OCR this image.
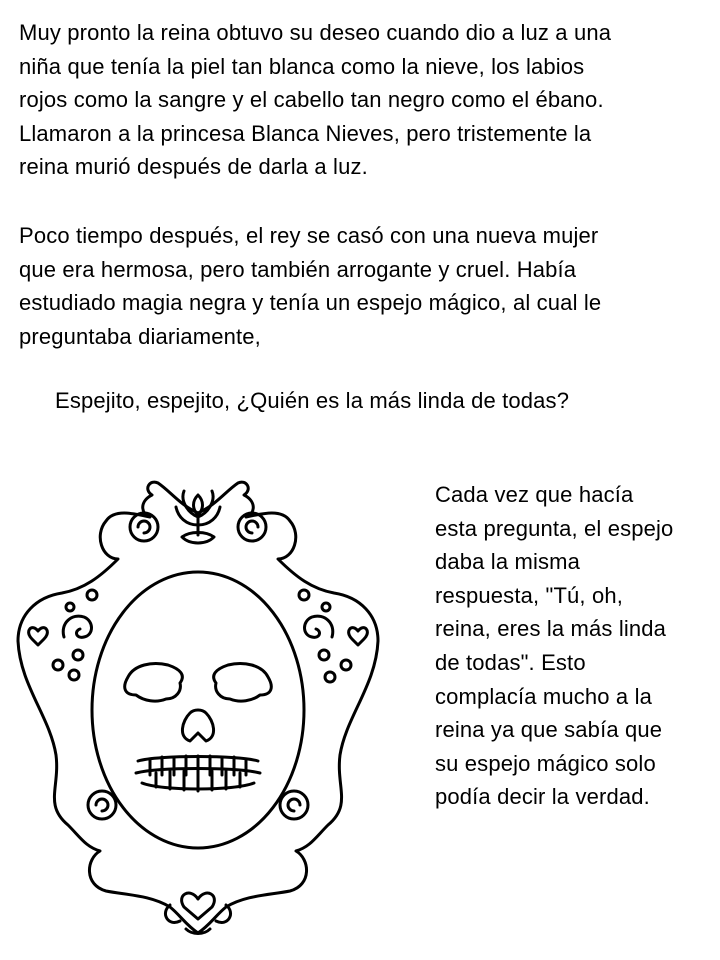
Muy pronto la reina obtuvo su deseo cuando dio a luz a una
niña que tenía la piel tan blanca como la nieve, los labios
rojos como la sangre y el cabello tan negro como el ébano.
Llamaron a la princesa Blanca Nieves, pero tristemente la
reina murió después de darla a luz.

Poco tiempo después, el rey se casó con una nueva mujer
que era hermosa, pero también arrogante y cruel. Había
estudiado magia negra y tenía un espejo mágico, al cual le
preguntaba diariamente,

Espejito, espejito, ¿Quién es la más linda de todas?

Cada vez que hacía
esta pregunta, el espejo
daba la misma
respuesta, "Tú, oh,
reina, eres la más linda
de todas". Esto
complacía mucho a la
reina ya que sabía que
su espejo mágico solo
podía decir la verdad.
